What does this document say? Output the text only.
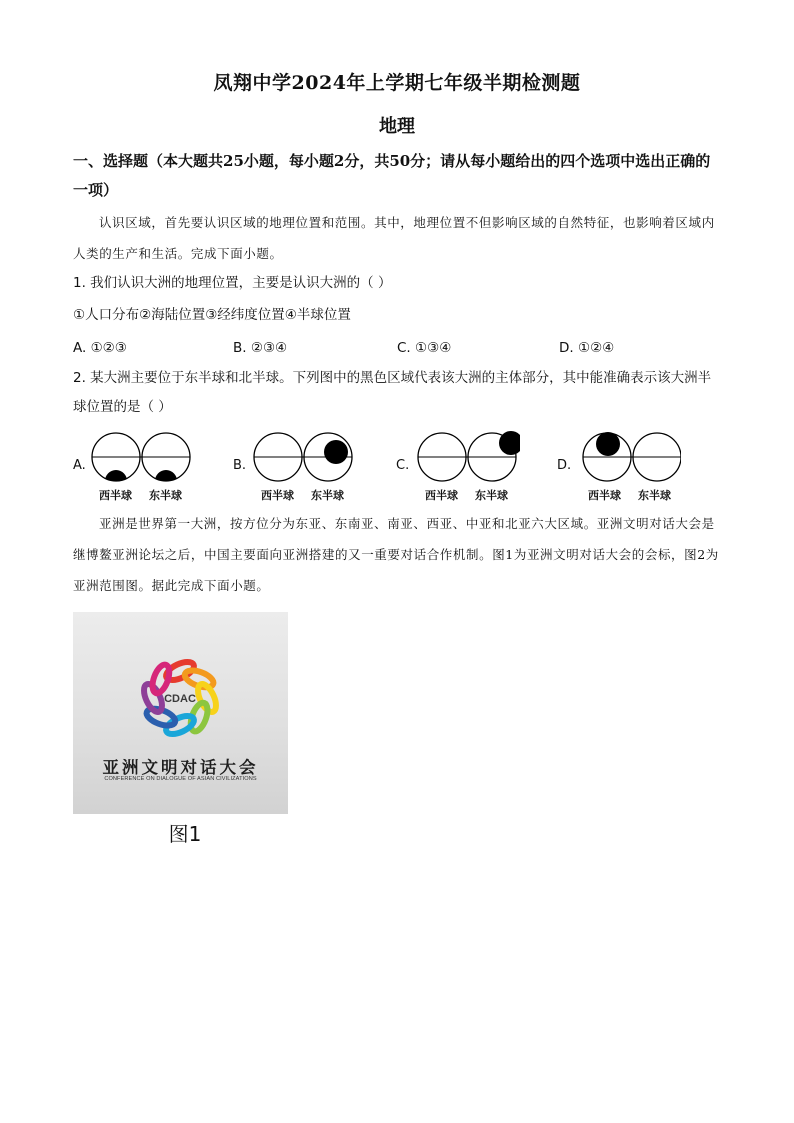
凤翔中学2024年上学期七年级半期检测题
地理
一、选择题（本大题共25小题，每小题2分，共50分；请从每小题给出的四个选项中选出正确的一项）
认识区域，首先要认识区域的地理位置和范围。其中，地理位置不但影响区域的自然特征，也影响着区域内人类的生产和生活。完成下面小题。
1. 我们认识大洲的地理位置，主要是认识大洲的（ ）
①人口分布②海陆位置③经纬度位置④半球位置
A. ①②③	B. ②③④	C. ①③④	D. ①②④
2. 某大洲主要位于东半球和北半球。下列图中的黑色区域代表该大洲的主体部分，其中能准确表示该大洲半球位置的是（ ）
A.
西半球 东半球
B.
西半球 东半球
C.
西半球 东半球
D.
西半球 东半球
亚洲是世界第一大洲，按方位分为东亚、东南亚、南亚、西亚、中亚和北亚六大区域。亚洲文明对话大会是继博鳌亚洲论坛之后，中国主要面向亚洲搭建的又一重要对话合作机制。图1为亚洲文明对话大会的会标，图2为亚洲范围图。据此完成下面小题。
CDAC
亚洲文明对话大会
CONFERENCE ON DIALOGUE OF ASIAN CIVILIZATIONS
图1
